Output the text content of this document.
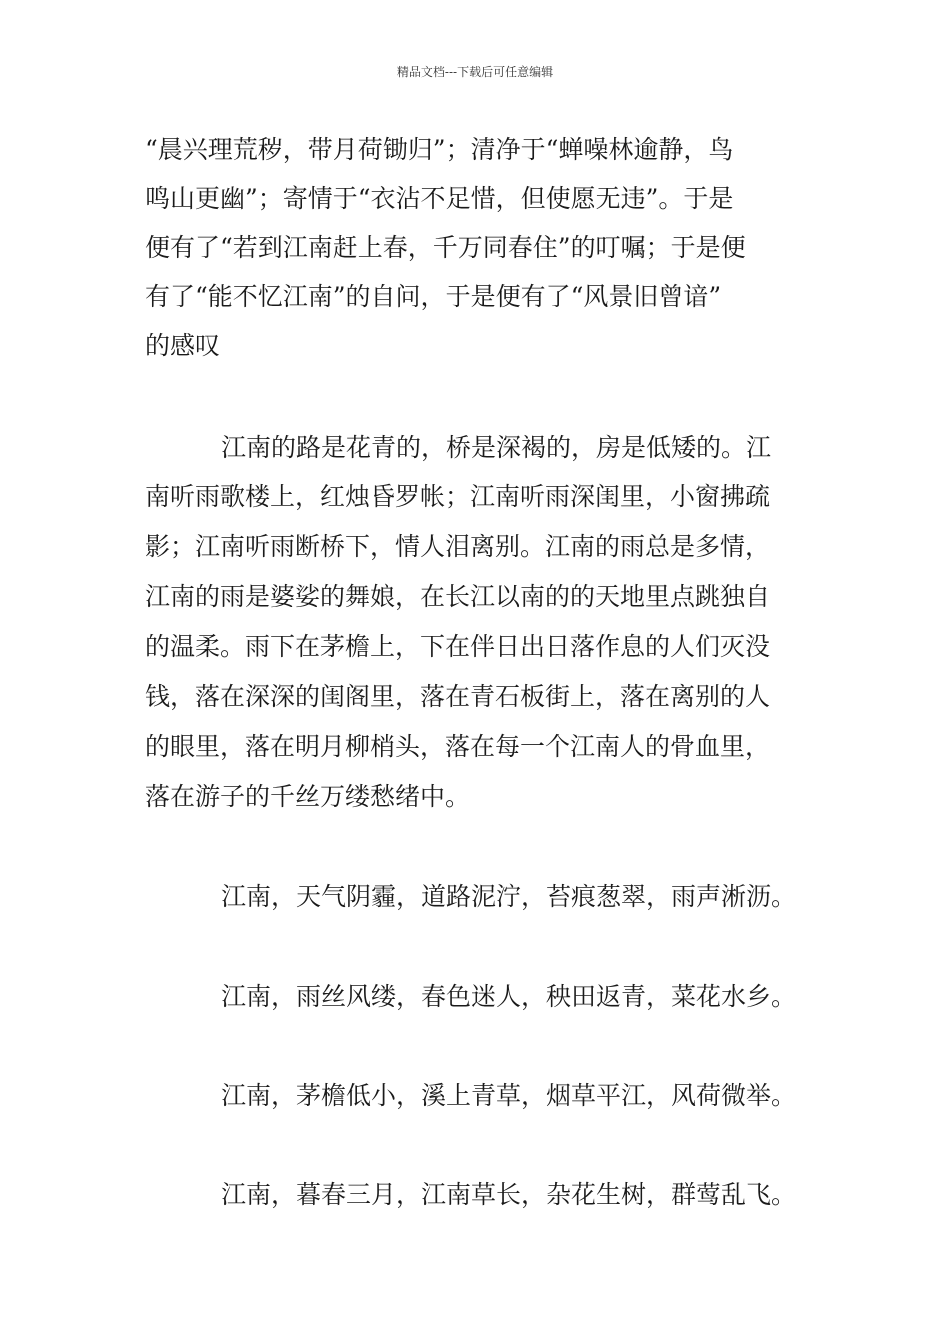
精品文档---下载后可任意编辑
“晨兴理荒秽，带月荷锄归”；清净于“蝉噪林逾静，鸟
鸣山更幽”；寄情于“衣沾不足惜，但使愿无违”。于是
便有了“若到江南赶上春，千万同春住”的叮嘱；于是便
有了“能不忆江南”的自问，于是便有了“风景旧曾谙”
的感叹
江南的路是花青的，桥是深褐的，房是低矮的。江
南听雨歌楼上，红烛昏罗帐；江南听雨深闺里，小窗拂疏
影；江南听雨断桥下，情人泪离别。江南的雨总是多情，
江南的雨是婆娑的舞娘，在长江以南的的天地里点跳独自
的温柔。雨下在茅檐上，下在伴日出日落作息的人们灭没
钱，落在深深的闺阁里，落在青石板街上，落在离别的人
的眼里，落在明月柳梢头，落在每一个江南人的骨血里，
落在游子的千丝万缕愁绪中。
江南，天气阴霾，道路泥泞，苔痕葱翠，雨声淅沥。
江南，雨丝风缕，春色迷人，秧田返青，菜花水乡。
江南，茅檐低小，溪上青草，烟草平江，风荷微举。
江南，暮春三月，江南草长，杂花生树，群莺乱飞。
